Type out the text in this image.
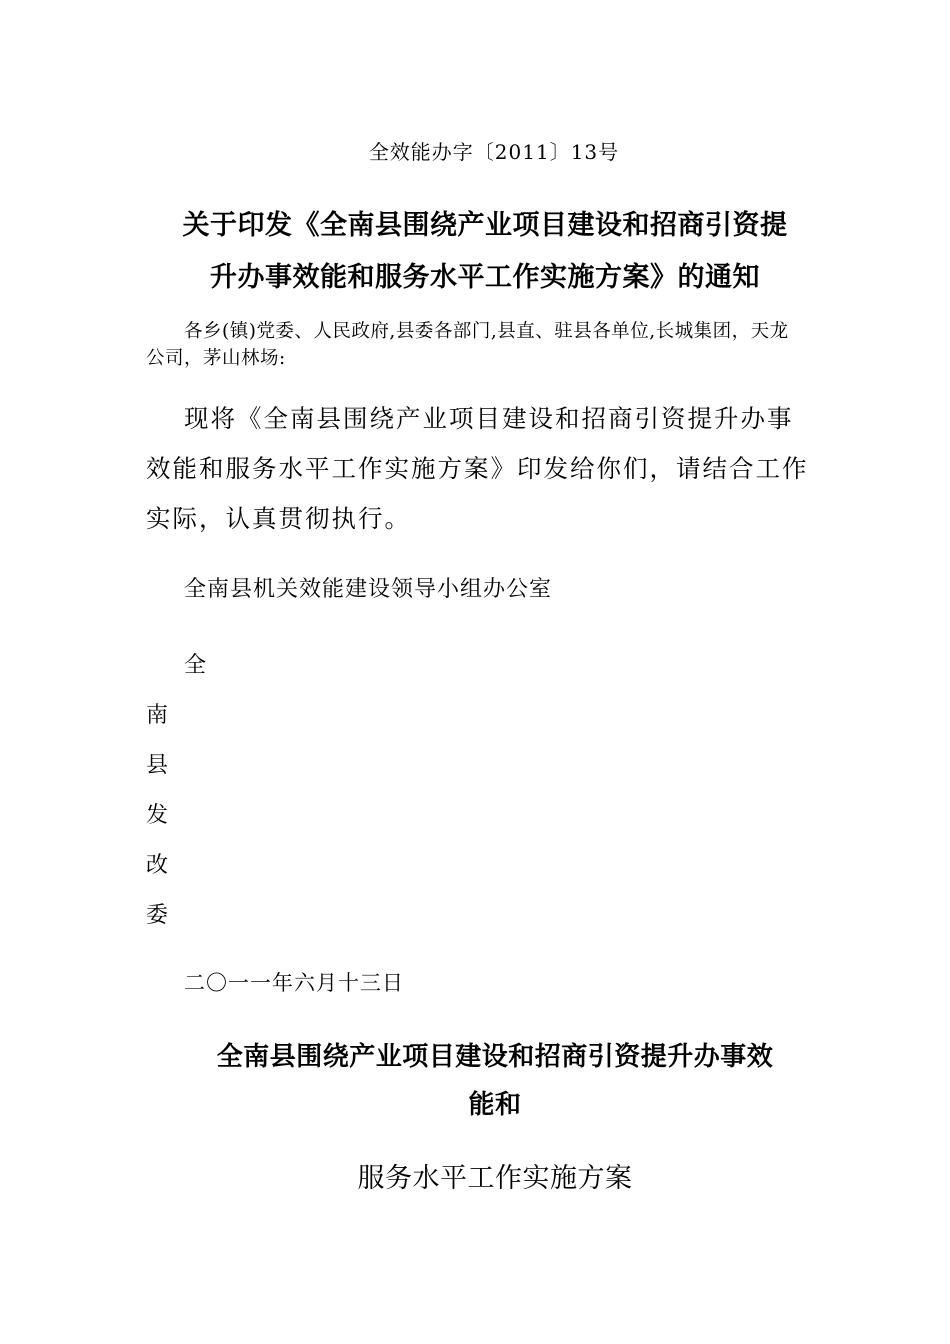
全效能办字〔2011〕13号
关于印发《全南县围绕产业项目建设和招商引资提
升办事效能和服务水平工作实施方案》的通知
各乡(镇)党委、人民政府,县委各部门,县直、驻县各单位,长城集团，天龙公司，茅山林场:
现将《全南县围绕产业项目建设和招商引资提升办事效能和服务水平工作实施方案》印发给你们，请结合工作实际，认真贯彻执行。
全南县机关效能建设领导小组办公室
全
南
县
发
改
委
二〇一一年六月十三日
全南县围绕产业项目建设和招商引资提升办事效
能和
服务水平工作实施方案
